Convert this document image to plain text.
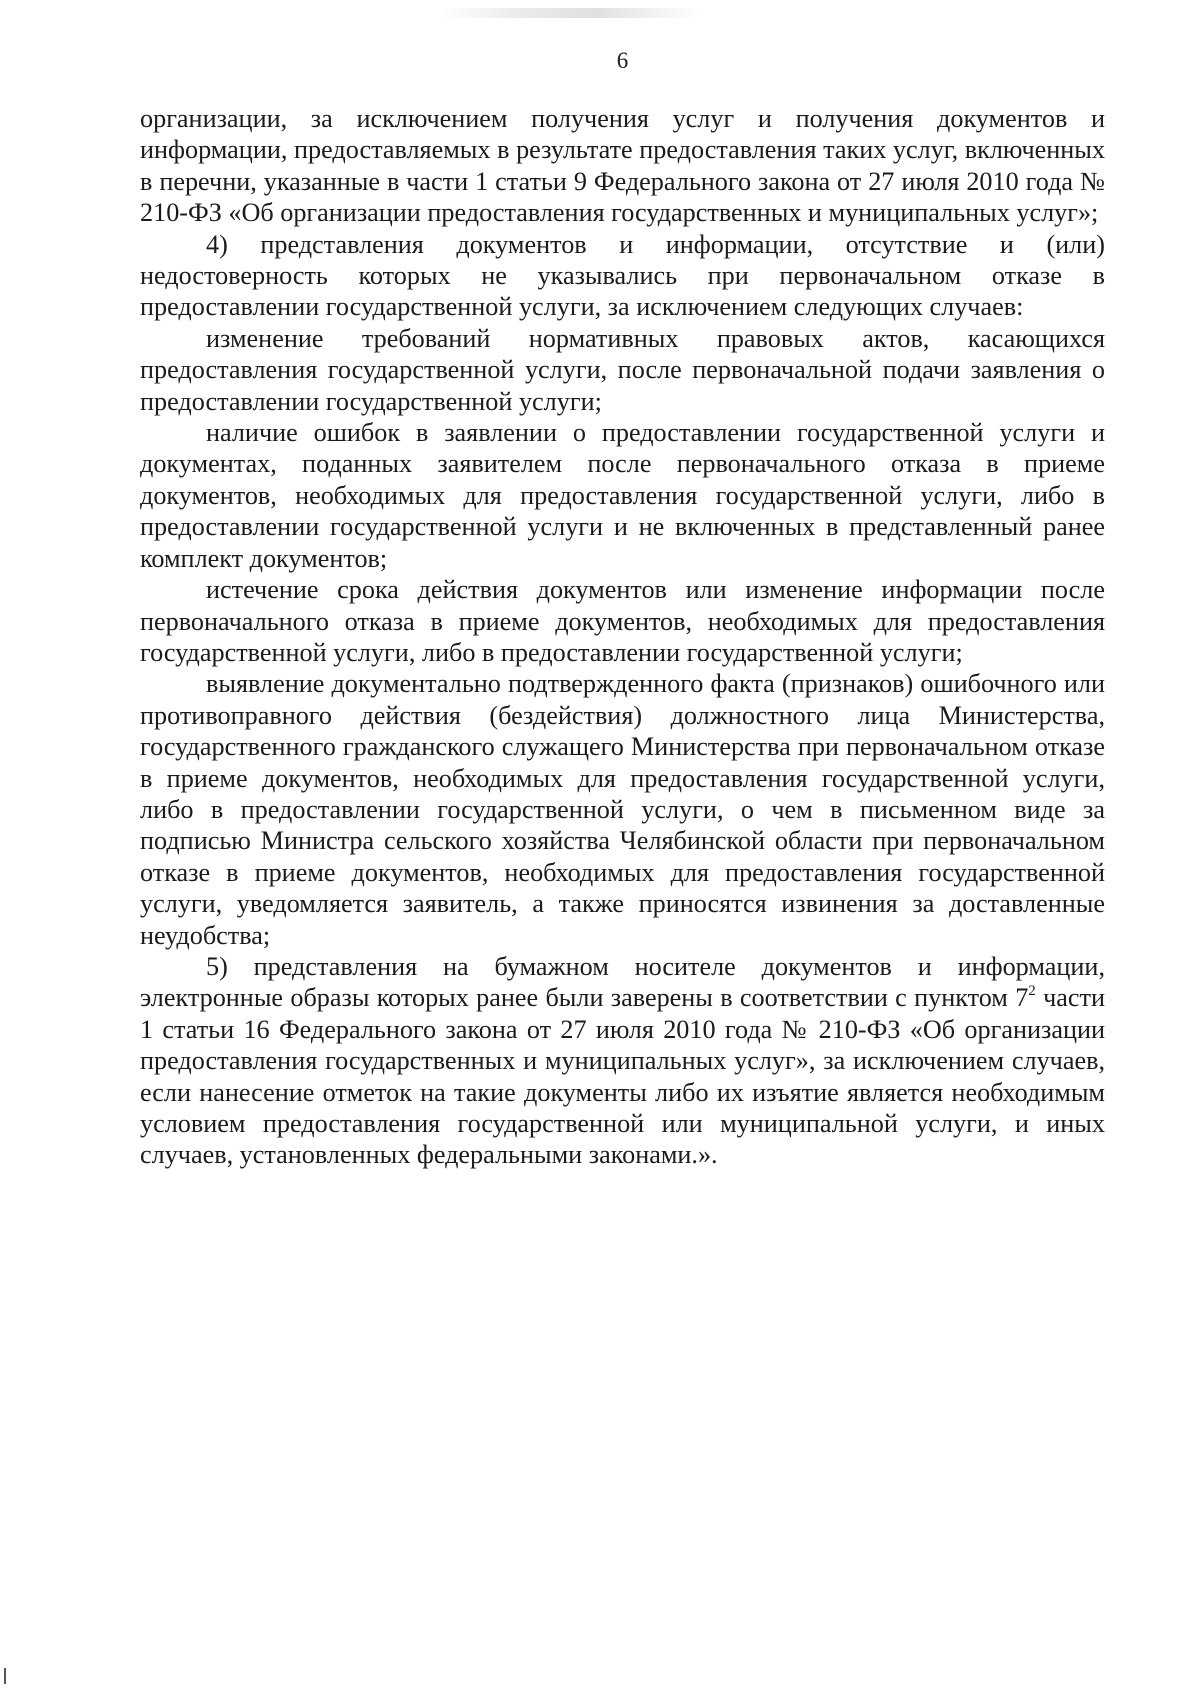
6

организации, за исключением получения услуг и получения документов и информации, предоставляемых в результате предоставления таких услуг, включенных в перечни, указанные в части 1 статьи 9 Федерального закона от 27 июля 2010 года № 210-ФЗ «Об организации предоставления государственных и муниципальных услуг»;

4) представления документов и информации, отсутствие и (или) недостоверность которых не указывались при первоначальном отказе в предоставлении государственной услуги, за исключением следующих случаев:

изменение требований нормативных правовых актов, касающихся предоставления государственной услуги, после первоначальной подачи заявления о предоставлении государственной услуги;

наличие ошибок в заявлении о предоставлении государственной услуги и документах, поданных заявителем после первоначального отказа в приеме документов, необходимых для предоставления государственной услуги, либо в предоставлении государственной услуги и не включенных в представленный ранее комплект документов;

истечение срока действия документов или изменение информации после первоначального отказа в приеме документов, необходимых для предоставления государственной услуги, либо в предоставлении государственной услуги;

выявление документально подтвержденного факта (признаков) ошибочного или противоправного действия (бездействия) должностного лица Министерства, государственного гражданского служащего Министерства при первоначальном отказе в приеме документов, необходимых для предоставления государственной услуги, либо в предоставлении государственной услуги, о чем в письменном виде за подписью Министра сельского хозяйства Челябинской области при первоначальном отказе в приеме документов, необходимых для предоставления государственной услуги, уведомляется заявитель, а также приносятся извинения за доставленные неудобства;

5) представления на бумажном носителе документов и информации, электронные образы которых ранее были заверены в соответствии с пунктом $7^2$ части 1 статьи 16 Федерального закона от 27 июля 2010 года № 210-ФЗ «Об организации предоставления государственных и муниципальных услуг», за исключением случаев, если нанесение отметок на такие документы либо их изъятие является необходимым условием предоставления государственной или муниципальной услуги, и иных случаев, установленных федеральными законами.».
